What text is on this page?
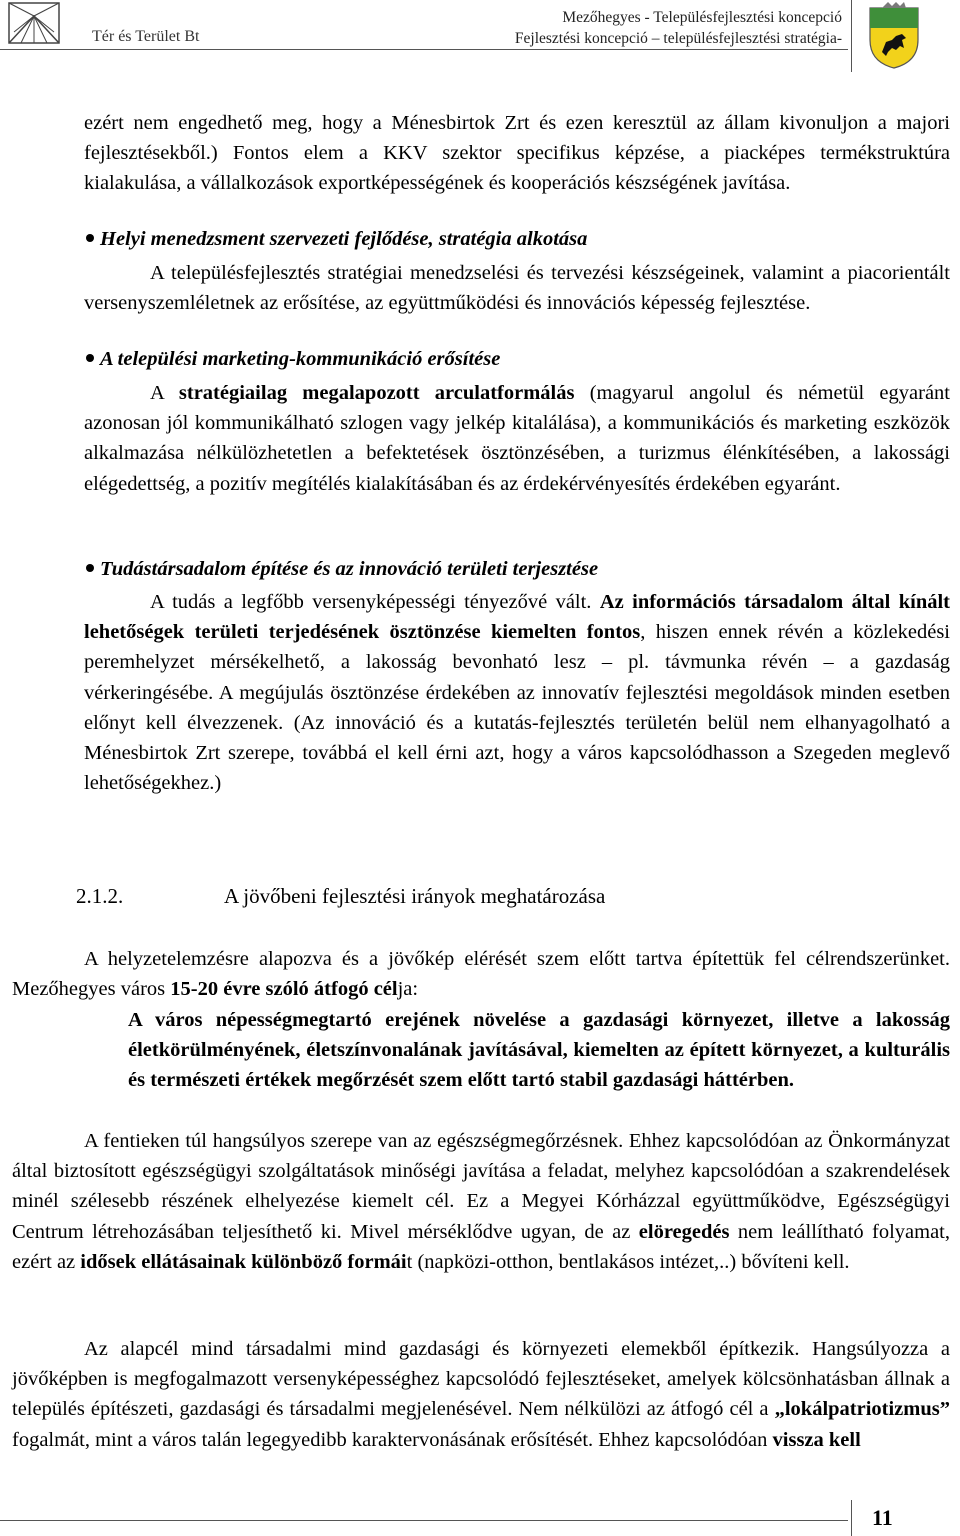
Tér és Terület Bt
Mezőhegyes - Településfejlesztési koncepció
Fejlesztési koncepció – településfejlesztési stratégia-

ezért nem engedhető meg, hogy a Ménesbirtok Zrt és ezen keresztül az állam kivonuljon a majori fejlesztésekből.) Fontos elem a KKV szektor specifikus képzése, a piacképes termékstruktúra kialakulása, a vállalkozások exportképességének és kooperációs készségének javítása.

Helyi menedzsment szervezeti fejlődése, stratégia alkotása

A településfejlesztés stratégiai menedzselési és tervezési készségeinek, valamint a piacorientált versenyszemléletnek az erősítése, az együttműködési és innovációs képesség fejlesztése.

A települési marketing-kommunikáció erősítése

A stratégiailag megalapozott arculatformálás (magyarul angolul és németül egyaránt azonosan jól kommunikálható szlogen vagy jelkép kitalálása), a kommunikációs és marketing eszközök alkalmazása nélkülözhetetlen a befektetések ösztönzésében, a turizmus élénkítésében, a lakossági elégedettség, a pozitív megítélés kialakításában és az érdekérvényesítés érdekében egyaránt.

Tudástársadalom építése és az innováció területi terjesztése

A tudás a legfőbb versenyképességi tényezővé vált. Az információs társadalom által kínált lehetőségek területi terjedésének ösztönzése kiemelten fontos, hiszen ennek révén a közlekedési peremhelyzet mérsékelhető, a lakosság bevonható lesz – pl. távmunka révén – a gazdaság vérkeringésébe. A megújulás ösztönzése érdekében az innovatív fejlesztési megoldások minden esetben előnyt kell élvezzenek. (Az innováció és a kutatás-fejlesztés területén belül nem elhanyagolható a Ménesbirtok Zrt szerepe, továbbá el kell érni azt, hogy a város kapcsolódhasson a Szegeden meglevő lehetőségekhez.)

2.1.2.	A jövőbeni fejlesztési irányok meghatározása

A helyzetelemzésre alapozva és a jövőkép elérését szem előtt tartva építettük fel célrendszerünket. Mezőhegyes város 15-20 évre szóló átfogó célja:

A város népességmegtartó erejének növelése a gazdasági környezet, illetve a lakosság életkörülményének, életszínvonalának javításával, kiemelten az épített környezet, a kulturális és természeti értékek megőrzését szem előtt tartó stabil gazdasági háttérben.

A fentieken túl hangsúlyos szerepe van az egészségmegőrzésnek. Ehhez kapcsolódóan az Önkormányzat által biztosított egészségügyi szolgáltatások minőségi javítása a feladat, melyhez kapcsolódóan a szakrendelések minél szélesebb részének elhelyezése kiemelt cél. Ez a Megyei Kórházzal együttműködve, Egészségügyi Centrum létrehozásában teljesíthető ki. Mivel mérséklődve ugyan, de az elöregedés nem leállítható folyamat, ezért az idősek ellátásainak különböző formáit (napközi-otthon, bentlakásos intézet,..) bővíteni kell.

Az alapcél mind társadalmi mind gazdasági és környezeti elemekből építkezik. Hangsúlyozza a jövőképben is megfogalmazott versenyképességhez kapcsolódó fejlesztéseket, amelyek kölcsönhatásban állnak a település építészeti, gazdasági és társadalmi megjelenésével. Nem nélkülözi az átfogó cél a „lokálpatriotizmus” fogalmát, mint a város talán legegyedibb karaktervonásának erősítését. Ehhez kapcsolódóan vissza kell

11
